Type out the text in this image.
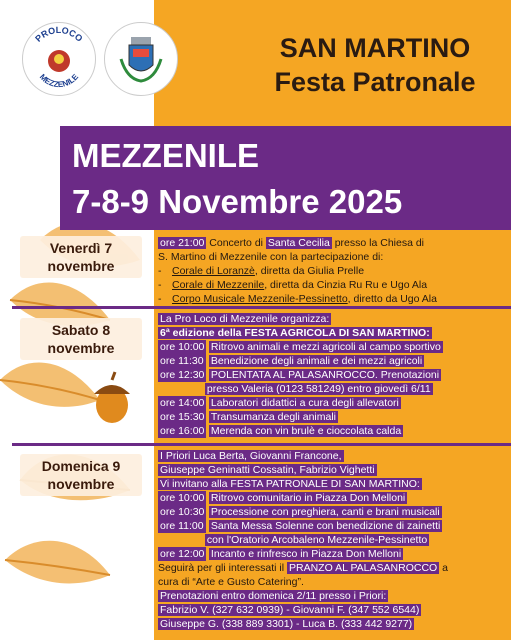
PROLOCO
MEZZENILE
SAN MARTINO
Festa Patronale
MEZZENILE
7-8-9 Novembre 2025
Venerdì 7
novembre
ore 21:00 Concerto di Santa Cecilia presso la Chiesa di
S. Martino di Mezzenile con la partecipazione di:
- Corale di Loranzè, diretta da Giulia Prelle
- Corale di Mezzenile, diretta da Cinzia Ru Ru e Ugo Ala
- Corpo Musicale Mezzenile-Pessinetto, diretto da Ugo Ala
Sabato 8
novembre
La Pro Loco di Mezzenile organizza:
6ª edizione della FESTA AGRICOLA DI SAN MARTINO:
ore 10:00 Ritrovo animali e mezzi agricoli al campo sportivo
ore 11:30 Benedizione degli animali e dei mezzi agricoli
ore 12:30 POLENTATA AL PALASANROCCO. Prenotazioni
presso Valeria (0123 581249) entro giovedì 6/11
ore 14:00 Laboratori didattici a cura degli allevatori
ore 15:30 Transumanza degli animali
ore 16:00 Merenda con vin brulè e cioccolata calda
Domenica 9
novembre
I Priori Luca Berta, Giovanni Francone,
Giuseppe Geninatti Cossatin, Fabrizio Vighetti
Vi invitano alla FESTA PATRONALE DI SAN MARTINO:
ore 10:00 Ritrovo comunitario in Piazza Don Melloni
ore 10:30 Processione con preghiera, canti e brani musicali
ore 11:00 Santa Messa Solenne con benedizione di zainetti
con l'Oratorio Arcobaleno Mezzenile-Pessinetto
ore 12:00 Incanto e rinfresco in Piazza Don Melloni
Seguirà per gli interessati il PRANZO AL PALASANROCCO a
cura di “Arte e Gusto Catering”.
Prenotazioni entro domenica 2/11 presso i Priori:
Fabrizio V. (327 632 0939) - Giovanni F. (347 552 6544)
Giuseppe G. (338 889 3301) - Luca B. (333 442 9277)
